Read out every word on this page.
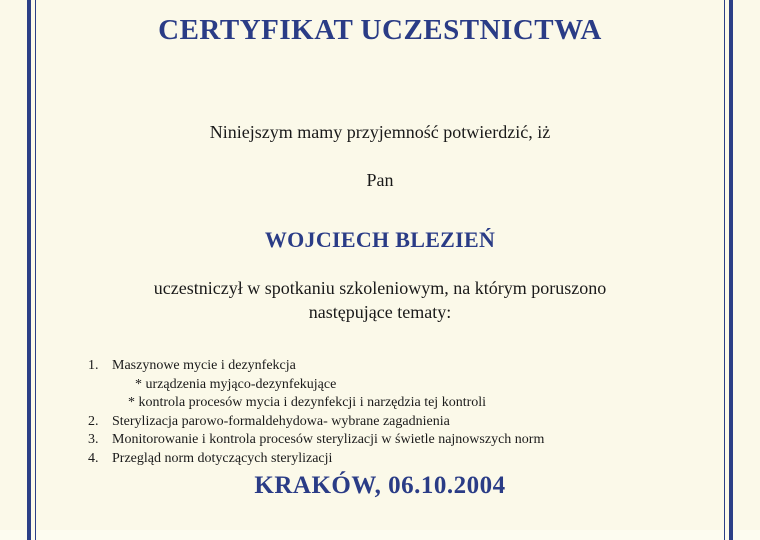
CERTYFIKAT UCZESTNICTWA
Niniejszym mamy przyjemność potwierdzić, iż
Pan
WOJCIECH BLEZIEŃ
uczestniczył w spotkaniu szkoleniowym, na którym poruszono
następujące tematy:
1. Maszynowe mycie i dezynfekcja
* urządzenia myjąco-dezynfekujące
* kontrola procesów mycia i dezynfekcji i narzędzia tej kontroli
2. Sterylizacja parowo-formaldehydowa- wybrane zagadnienia
3. Monitorowanie i kontrola procesów sterylizacji w świetle najnowszych norm
4. Przegląd norm dotyczących sterylizacji
KRAKÓW, 06.10.2004
